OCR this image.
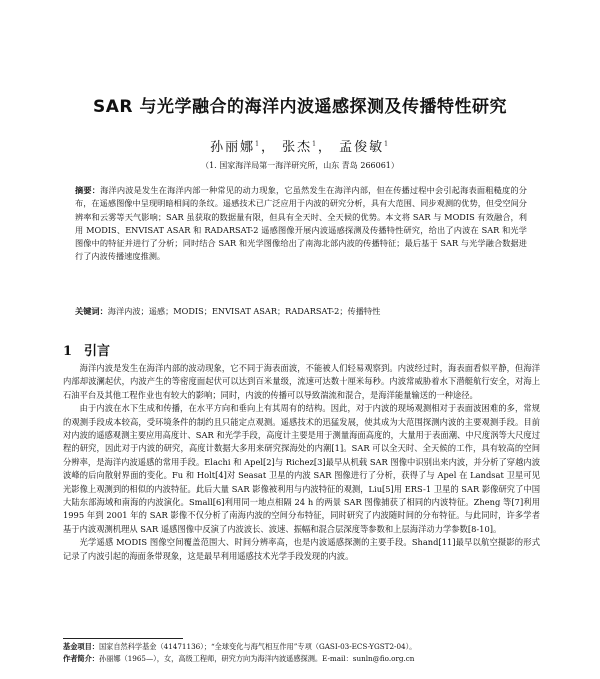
SAR 与光学融合的海洋内波遥感探测及传播特性研究
孙丽娜$^1$， 张杰$^1$， 孟俊敏$^1$
（1. 国家海洋局第一海洋研究所，山东 青岛 266061）
摘要：海洋内波是发生在海洋内部一种常见的动力现象，它虽然发生在海洋内部，但在传播过程中会引起海表面粗糙度的分布，在遥感图像中呈现明暗相间的条纹。遥感技术已广泛应用于内波的研究分析，具有大范围、同步观测的优势，但受空间分辨率和云雾等天气影响；SAR 虽获取的数据量有限，但具有全天时、全天候的优势。本文将 SAR 与 MODIS 有效融合，利用 MODIS、ENVISAT ASAR 和 RADARSAT-2 遥感图像开展内波遥感探测及传播特性研究，给出了内波在 SAR 和光学图像中的特征并进行了分析；同时结合 SAR 和光学图像给出了南海北部内波的传播特征；最后基于 SAR 与光学融合数据进行了内波传播速度推测。
关键词：海洋内波；遥感；MODIS；ENVISAT ASAR；RADARSAT-2；传播特性
1 引言

海洋内波是发生在海洋内部的波动现象，它不同于海表面波，不能被人们轻易观察到。内波经过时，海表面看似平静，但海洋内部却波澜起伏，内波产生的等密度面起伏可以达到百米量级，流速可达数十厘米每秒。内波常威胁着水下潜艇航行安全，对海上石油平台及其他工程作业也有较大的影响；同时，内波的传播可以导致湍流和混合，是海洋能量输送的一种途径。

由于内波在水下生成和传播，在水平方向和垂向上有其周有的结构。因此，对于内波的现场观测相对于表面波困难的多，常规的观测手段成本较高，受环境条件的制约且只能定点观测。遥感技术的迅猛发展，使其成为大范围探测内波的主要观测手段。目前对内波的遥感观测主要应用高度计、SAR 和光学手段，高度计主要是用于测量海面高度的，大量用于表面潮、中尺度涡等大尺度过程的研究，因此对于内波的研究，高度计数据大多用来研究探海处的内潮[1]。SAR 可以全天时、全天候的工作，具有较高的空间分辨率，是海洋内波遥感的常用手段。Elachi 和 Apel[2]与 Richez[3]最早从机载 SAR 图像中识别出来内波，并分析了穿越内波波峰的后向散射界面的变化。Fu 和 Holt[4]对 Seasat 卫星的内波 SAR 图像进行了分析，获得了与 Apel 在 Landsat 卫星可见光影像上观测到的相似的内波特征。此后大量 SAR 影像被利用与内波特征的观测，Liu[5]用 ERS-1 卫星的 SAR 影像研究了中国大陆东部海域和南海的内波演化。Small[6]利用同一地点相隔 24 h 的两景 SAR 图像捕获了相同的内波特征。Zheng 等[7]利用 1995 年到 2001 年的 SAR 影像不仅分析了南海内波的空间分布特征，同时研究了内波随时间的分布特征。与此同时，许多学者基于内波观测机理从 SAR 遥感图像中反演了内波波长、波速、振幅和混合层深度等参数和上层海洋动力学参数[8-10]。

光学遥感 MODIS 图像空间覆盖范围大、时间分辨率高，也是内波遥感探测的主要手段。Shand[11]最早以航空摄影的形式记录了内波引起的海面条带现象，这是最早利用遥感技术光学手段发现的内波。

基金项目：国家自然科学基金（41471136）；“全球变化与海气相互作用”专项（GASI-03-ECS-YGST2-04）。
作者简介：孙丽娜（1965—），女，高级工程师，研究方向为海洋内波遥感探测。E-mail：sunln@fio.org.cn
